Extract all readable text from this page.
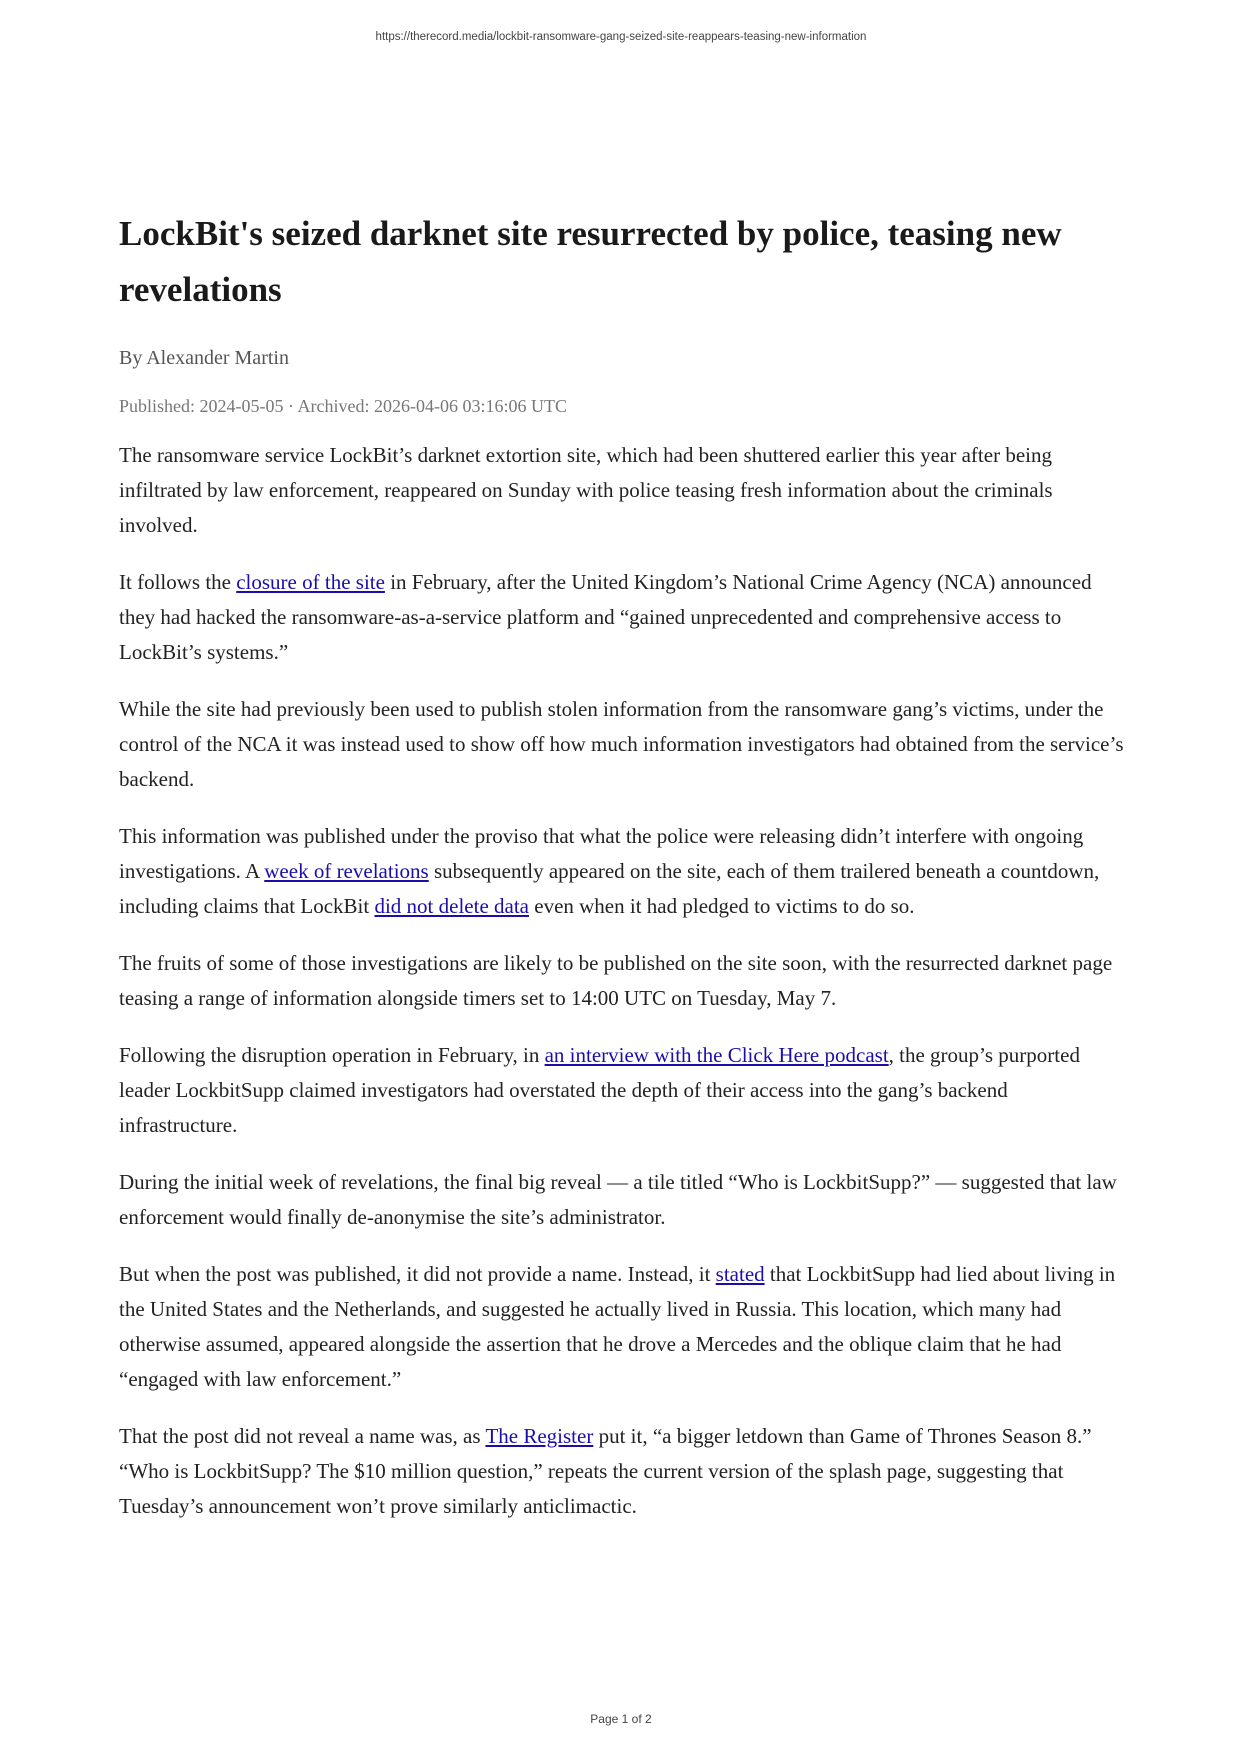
https://therecord.media/lockbit-ransomware-gang-seized-site-reappears-teasing-new-information
LockBit's seized darknet site resurrected by police, teasing new revelations
By Alexander Martin
Published: 2024-05-05 · Archived: 2026-04-06 03:16:06 UTC

The ransomware service LockBit’s darknet extortion site, which had been shuttered earlier this year after being infiltrated by law enforcement, reappeared on Sunday with police teasing fresh information about the criminals involved.

It follows the closure of the site in February, after the United Kingdom’s National Crime Agency (NCA) announced they had hacked the ransomware-as-a-service platform and “gained unprecedented and comprehensive access to LockBit’s systems.”

While the site had previously been used to publish stolen information from the ransomware gang’s victims, under the control of the NCA it was instead used to show off how much information investigators had obtained from the service’s backend.

This information was published under the proviso that what the police were releasing didn’t interfere with ongoing investigations. A week of revelations subsequently appeared on the site, each of them trailered beneath a countdown, including claims that LockBit did not delete data even when it had pledged to victims to do so.

The fruits of some of those investigations are likely to be published on the site soon, with the resurrected darknet page teasing a range of information alongside timers set to 14:00 UTC on Tuesday, May 7.

Following the disruption operation in February, in an interview with the Click Here podcast, the group’s purported leader LockbitSupp claimed investigators had overstated the depth of their access into the gang’s backend infrastructure.

During the initial week of revelations, the final big reveal — a tile titled “Who is LockbitSupp?” — suggested that law enforcement would finally de-anonymise the site’s administrator.

But when the post was published, it did not provide a name. Instead, it stated that LockbitSupp had lied about living in the United States and the Netherlands, and suggested he actually lived in Russia. This location, which many had otherwise assumed, appeared alongside the assertion that he drove a Mercedes and the oblique claim that he had “engaged with law enforcement.”

That the post did not reveal a name was, as The Register put it, “a bigger letdown than Game of Thrones Season 8.” “Who is LockbitSupp? The $10 million question,” repeats the current version of the splash page, suggesting that Tuesday’s announcement won’t prove similarly anticlimactic.

Page 1 of 2
